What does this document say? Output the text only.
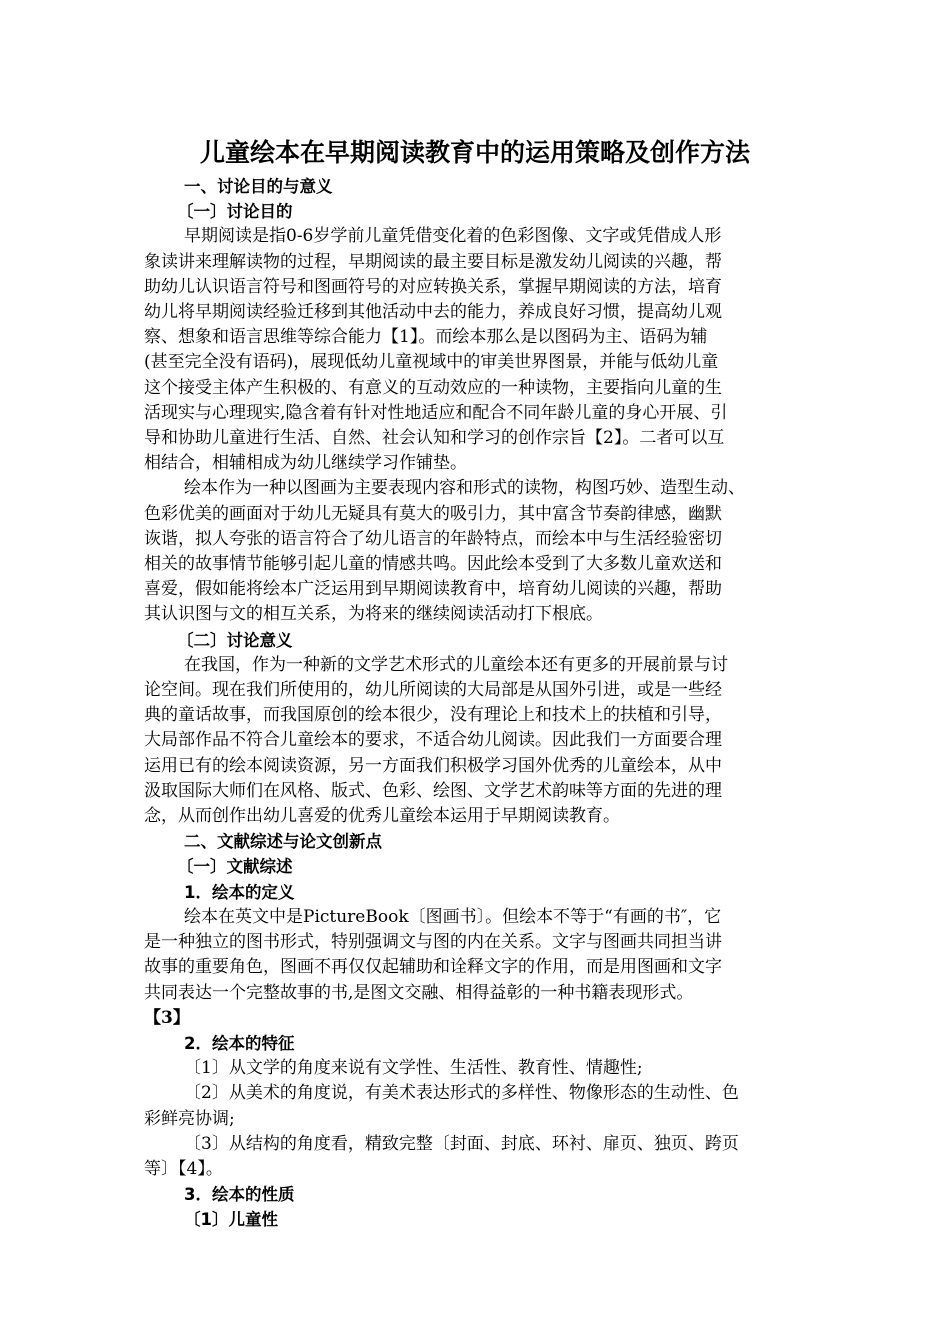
儿童绘本在早期阅读教育中的运用策略及创作方法
一、讨论目的与意义
〔一〕讨论目的
早期阅读是指0-6岁学前儿童凭借变化着的色彩图像、文字或凭借成人形
象读讲来理解读物的过程，早期阅读的最主要目标是激发幼儿阅读的兴趣，帮
助幼儿认识语言符号和图画符号的对应转换关系，掌握早期阅读的方法，培育
幼儿将早期阅读经验迁移到其他活动中去的能力，养成良好习惯，提高幼儿观
察、想象和语言思维等综合能力【1】。而绘本那么是以图码为主、语码为辅
(甚至完全没有语码)，展现低幼儿童视域中的审美世界图景，并能与低幼儿童
这个接受主体产生积极的、有意义的互动效应的一种读物，主要指向儿童的生
活现实与心理现实,隐含着有针对性地适应和配合不同年龄儿童的身心开展、引
导和协助儿童进行生活、自然、社会认知和学习的创作宗旨【2】。二者可以互
相结合，相辅相成为幼儿继续学习作铺垫。
绘本作为一种以图画为主要表现内容和形式的读物，构图巧妙、造型生动、
色彩优美的画面对于幼儿无疑具有莫大的吸引力，其中富含节奏韵律感，幽默
诙谐，拟人夸张的语言符合了幼儿语言的年龄特点，而绘本中与生活经验密切
相关的故事情节能够引起儿童的情感共鸣。因此绘本受到了大多数儿童欢送和
喜爱，假如能将绘本广泛运用到早期阅读教育中，培育幼儿阅读的兴趣，帮助
其认识图与文的相互关系，为将来的继续阅读活动打下根底。
〔二〕讨论意义
在我国，作为一种新的文学艺术形式的儿童绘本还有更多的开展前景与讨
论空间。现在我们所使用的，幼儿所阅读的大局部是从国外引进，或是一些经
典的童话故事，而我国原创的绘本很少，没有理论上和技术上的扶植和引导，
大局部作品不符合儿童绘本的要求，不适合幼儿阅读。因此我们一方面要合理
运用已有的绘本阅读资源，另一方面我们积极学习国外优秀的儿童绘本，从中
汲取国际大师们在风格、版式、色彩、绘图、文学艺术韵味等方面的先进的理
念，从而创作出幼儿喜爱的优秀儿童绘本运用于早期阅读教育。
二、文献综述与论文创新点
〔一〕文献综述
1．绘本的定义
绘本在英文中是PictureBook〔图画书〕。但绘本不等于“有画的书″，它
是一种独立的图书形式，特别强调文与图的内在关系。文字与图画共同担当讲
故事的重要角色，图画不再仅仅起辅助和诠释文字的作用，而是用图画和文字
共同表达一个完整故事的书,是图文交融、相得益彰的一种书籍表现形式。
【3】
2．绘本的特征
〔1〕从文学的角度来说有文学性、生活性、教育性、情趣性;
〔2〕从美术的角度说，有美术表达形式的多样性、物像形态的生动性、色
彩鲜亮协调;
〔3〕从结构的角度看，精致完整〔封面、封底、环衬、扉页、独页、跨页
等〕【4】。
3．绘本的性质
〔1〕儿童性
